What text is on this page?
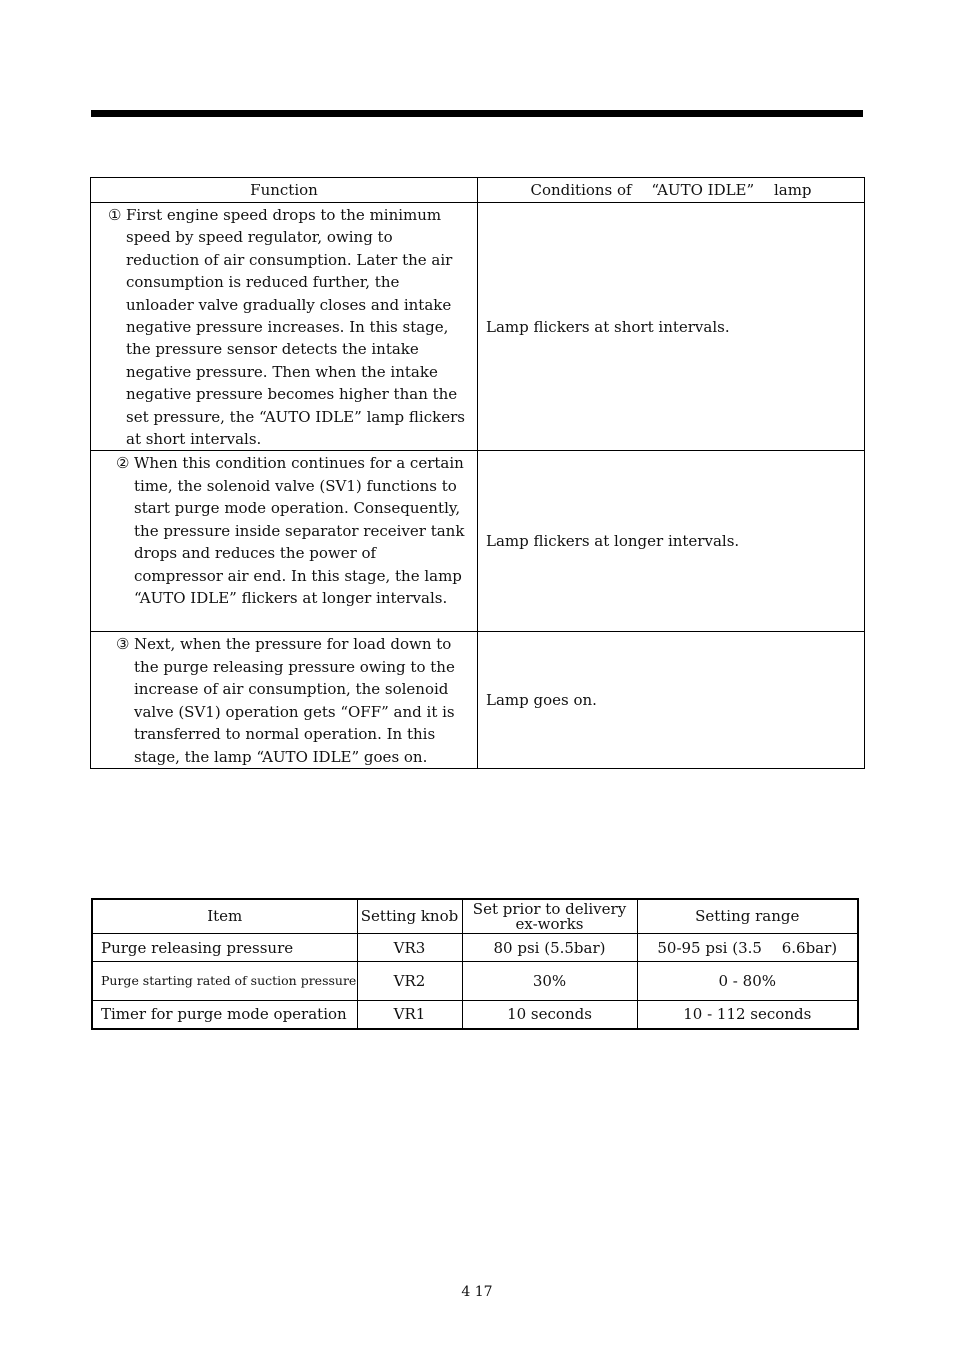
Function	Conditions of 　“AUTO IDLE”　 lamp

① First engine speed drops to the minimum speed by speed regulator, owing to reduction of air consumption. Later the air consumption is reduced further, the unloader valve gradually closes and intake negative pressure increases. In this stage, the pressure sensor detects the intake negative pressure. Then when the intake negative pressure becomes higher than the set pressure, the “AUTO IDLE” lamp flickers at short intervals.	Lamp flickers at short intervals.

② When this condition continues for a certain time, the solenoid valve (SV1) functions to start purge mode operation. Consequently, the pressure inside separator receiver tank drops and reduces the power of compressor air end. In this stage, the lamp “AUTO IDLE” flickers at longer intervals.	Lamp flickers at longer intervals.

③ Next, when the pressure for load down to the purge releasing pressure owing to the increase of air consumption, the solenoid valve (SV1) operation gets “OFF” and it is transferred to normal operation. In this stage, the lamp “AUTO IDLE” goes on.	Lamp goes on.
Item	Setting knob	Set prior to delivery ex-works	Setting range
Purge releasing pressure	VR3	80 psi (5.5bar)	50-95 psi (3.5　 6.6bar)
Purge starting rated of suction pressure	VR2	30%	0 - 80%
Timer for purge mode operation	VR1	10 seconds	10 - 112 seconds
4 17
